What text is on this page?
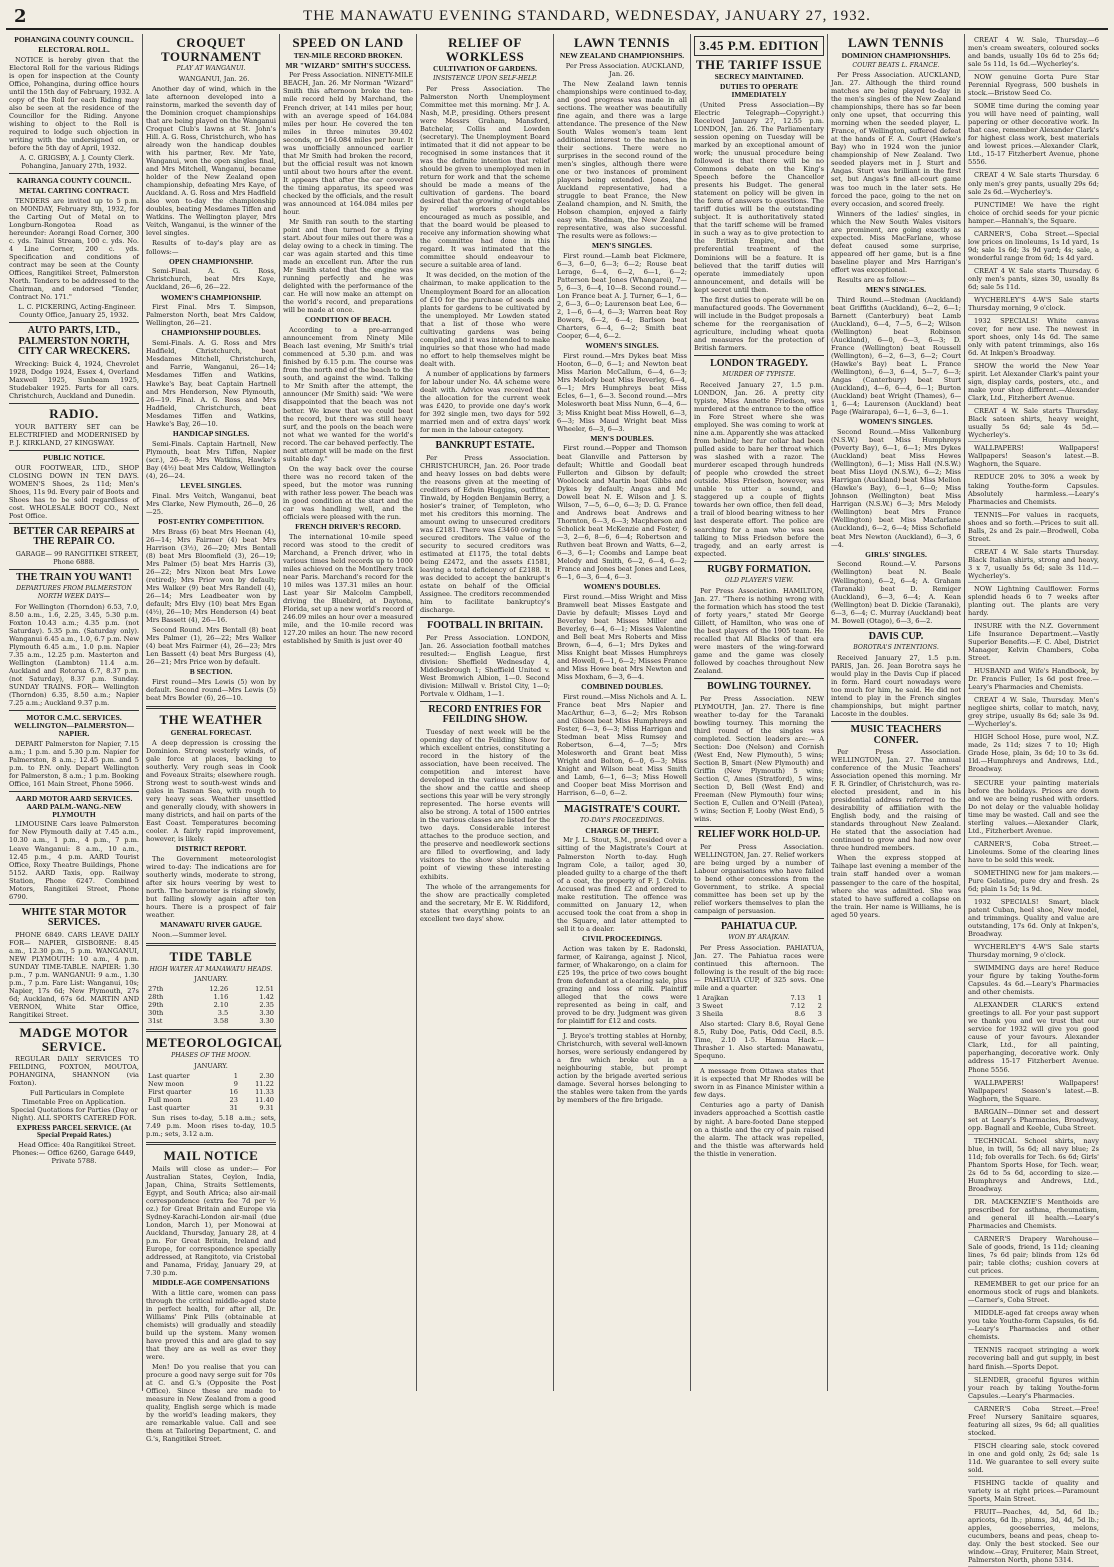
2	THE MANAWATU EVENING STANDARD, WEDNESDAY, JANUARY 27, 1932.
POHANGINA COUNTY COUNCIL.
ELECTORAL ROLL.

NOTICE is hereby given that the Electoral Roll for the various Ridings is open for inspection at the County Office, Pohangina, during office hours until the 15th day of February, 1932. A copy of the Roll for each Riding may also be seen at the residence of the Councillor for the Riding. Anyone wishing to object to the Roll is required to lodge such objection in writing with the undersigned on, or before the 5th day of April, 1932.

A. C. GRIGSBY, A. J. County Clerk. Pohangina, January 27th, 1932.

KAIRANGA COUNTY COUNCIL.
METAL CARTING CONTRACT.

TENDERS are invited up to 5 p.m. on MONDAY, February 8th, 1932, for the Carting Out of Metal on to Longburn-Rongotea Road as hereunder: Aorangi Road Corner, 300 c. yds. Tainui Stream, 100 c. yds. No. 4 Line Corner, 200 c. yds. Specification and conditions of contract may be seen at the County Offices, Rangitikei Street, Palmerston North. Tenders to be addressed to the Chairman, and endorsed "Tender, Contract No. 171."

L. C. PICKERING, Acting-Engineer. County Office, January 25, 1932.

AUTO PARTS, LTD., PALMERSTON NORTH, CITY CAR WRECKERS.

Wrecking: Buick 4, 1924, Chevrolet 1928, Dodge 1924, Essex 4, Overland Maxwell 1925, Sunbeam 1925, Studebaker 1925. Parts for all cars. Christchurch, Auckland and Dunedin.

RADIO.

YOUR BATTERY SET can be ELECTRIFIED and MODERNISED by P. J. KIRKLAND, 27 KINGSWAY.

PUBLIC NOTICE.

OUR FOOTWEAR, LTD., SHOP CLOSING DOWN IN TEN DAYS. WOMEN'S Shoes, 2s 11d; Men's Shoes, 11s 9d. Every pair of Boots and Shoes has to be sold regardless of cost. WHOLESALE BOOT CO., Next Post Office.

BETTER CAR REPAIRS at THE REPAIR CO.

GARAGE— 99 RANGITIKEI STREET, Phone 6888.

THE TRAIN YOU WANT!
DEPARTURES FROM PALMERSTON NORTH WEEK DAYS—

For Wellington (Thorndon) 6.53, 7.0, 8.50 a.m., 1.6, 2.25, 3.45, 5.30 p.m. Foxton 10.43 a.m.; 4.35 p.m. (not Saturday). 5.35 p.m. (Saturday only). Wanganui 6.45 a.m., 1.0, 6.7 p.m. New Plymouth 6.45 a.m., 1.0 p.m. Napier 7.35 a.m., 12.25 p.m. Masterton and Wellington (Lambton) 11.4 a.m. Auckland and Rotorua 6.7, 8.37 p.m. (not Saturday), 8.37 p.m. Sunday. SUNDAY TRAINS. FOR— Wellington (Thorndon) 6.35, 8.50 a.m.; Napier 7.25 a.m.; Auckland 9.37 p.m.

MOTOR C.M.C. SERVICES. WELLINGTON—PALMERSTON—NAPIER.

DEPART Palmerston for Napier, 7.15 a.m.; 1 p.m. and 5.30 p.m. Napier for Palmerston, 8 a.m.; 12.45 p.m. and 5 p.m. to P.N. only. Depart Wellington for Palmerston, 8 a.m.; 1 p.m. Booking Office, 161 Main Street, Phone 5966.

AARD MOTOR AARD SERVICES. AARD PALM.-WANG.-NEW PLYMOUTH

LIMOUSINE Cars leave Palmerston for New Plymouth daily at 7.45 a.m., 10.30 a.m., 1 p.m., 4 p.m., 7 p.m. Leave Wanganui: 8 a.m., 10 a.m., 12.45 p.m., 4 p.m. AARD Tourist Office, Roxy Theatre Buildings, Phone 5152. AARD Taxis, opp. Railway Station, Phone 6247. Combined Motors, Rangitikei Street, Phone 6790.

WHITE STAR MOTOR SERVICES.

PHONE 6849. CARS LEAVE DAILY FOR— NAPIER, GISBORNE: 8.45 a.m., 12.30 p.m., 5 p.m. WANGANUI, NEW PLYMOUTH: 10 a.m., 4 p.m. SUNDAY TIME-TABLE. NAPIER: 1.30 p.m., 7 p.m. WANGANUI: 9 a.m., 1.30 p.m., 7 p.m. Fare List: Wanganui, 10s; Napier, 17s 6d; New Plymouth, 27s 6d; Auckland, 67s 6d. MARTIN AND VERNON, White Star Office, Rangitikei Street.

MADGE MOTOR SERVICE.

REGULAR DAILY SERVICES TO FEILDING, FOXTON, MOUTOA, POHANGINA, SHANNON (via Foxton).

Full Particulars in Complete Timetable Free on Application. Special Quotations for Parties (Day or Night). ALL SPORTS CATERED FOR.

EXPRESS PARCEL SERVICE. (At Special Prepaid Rates.)

Head Office: 40a Rangitikei Street. Phones:— Office 6260, Garage 6449, Private 5788.

CROQUET TOURNAMENT
PLAY AT WANGANUI.

WANGANUI, Jan. 26.

Another day of wind, which in the late afternoon developed into a rainstorm, marked the seventh day of the Dominion croquet championships that are being played on the Wanganui Croquet Club's lawns at St. John's Hill. A. G. Ross, Christchurch, who has already won the handicap doubles with his partner, Rev. Mr Yate, Wanganui, won the open singles final, and Mrs Mitchell, Wanganui, became holder of the New Zealand open championship, defeating Mrs Kaye, of Auckland. A. G. Ross and Mrs Hadfield also won to-day the championship doubles, beating Mesdames Tiffen and Watkins. The Wellington player, Mrs Veitch, Wanganui, is the winner of the level singles.

Results of to-day's play are as follows:—

OPEN CHAMPIONSHIP.

Semi-Final. A. G. Ross, Christchurch, beat Mrs Kaye, Auckland, 26—6, 26—22.

WOMEN'S CHAMPIONSHIP.

First Final. Mrs T. Simpson, Palmerston North, beat Mrs Caldow, Wellington, 26—21.

CHAMPIONSHIP DOUBLES.

Semi-Finals. A. G. Ross and Mrs Hadfield, Christchurch, beat Mesdames Mitchell, Christchurch, and Farrie, Wanganui, 26—14; Mesdames Tiffen and Watkins, Hawke's Bay, beat Captain Hartnell and Mrs Henderson, New Plymouth, 26—19. Final. A. G. Ross and Mrs Hadfield, Christchurch, beat Mesdames Tiffen and Watkins, Hawke's Bay, 26—10.

HANDICAP SINGLES.

Semi-Finals. Captain Hartnell, New Plymouth, beat Mrs Tiffen, Napier (scr.), 26—8; Mrs Watkins, Hawke's Bay (4½) beat Mrs Caldow, Wellington (4), 26—24.

LEVEL SINGLES.

Final. Mrs Veitch, Wanganui, beat Mrs Clarke, New Plymouth, 26—0, 26—25.

POST-ENTRY COMPETITION.

Mrs Brass (6) beat Mrs Heenan (4), 26—14; Mrs Fairmer (4) beat Mrs Harrison (3½), 26—20; Mrs Bentall (8) beat Mrs Bloomfield (3), 26—19; Mrs Palmer (5) beat Mrs Harris (3), 26—22; Mrs Nixon beat Mrs Lowe (retired); Mrs Prior won by default; Mrs Walker (9) beat Mrs Randell (4), 26—14; Mrs Leadbeater won by default; Mrs Elvy (10) beat Mrs Egan (4½), 26—10; Mrs Henderson (4) beat Mrs Bassett (4), 26—16.

Second Round. Mrs Bentall (8) beat Mrs Palmer (1), 26—22; Mrs Walker (4) beat Mrs Fairmer (4), 26—23; Mrs Len Bassett (4) beat Mrs Burgess (4), 26—21; Mrs Price won by default.

B SECTION.

First round—Mrs Lewis (5) won by default. Second round—Mrs Lewis (5) beat Mrs Bowler (6), 26—10.

THE WEATHER
GENERAL FORECAST.

A deep depression is crossing the Dominion. Strong westerly winds, of gale force at places, backing to southerly. Very rough seas in Cook and Foveaux Straits; elsewhere rough. Strong west to south-west winds and gales in Tasman Sea, with rough to very heavy seas. Weather unsettled and generally cloudy, with showers in many districts, and hail on parts of the East Coast. Temperatures becoming cooler. A fairly rapid improvement, however, is likely.

DISTRICT REPORT.

The Government meteorologist wired to-day: The indications are for southerly winds, moderate to strong, after six hours veering by west to north. The barometer is rising slowly, but falling slowly again after ten hours. There is a prospect of fair weather.

MANAWATU RIVER GAUGE.

Noon.—Summer level.

TIDE TABLE
HIGH WATER AT MANAWATU HEADS.
JANUARY.
27th	12.26	12.51
28th	1.16	1.42
29th	2.10	2.35
30th	3.5	3.30
31st	3.58	3.30
METEOROLOGICAL
PHASES OF THE MOON.
JANUARY.
Last quarter	1	2.30
New moon	9	11.22
First quarter	16	11.33
Full moon	23	11.40
Last quarter	31	9.31

Sun rises to-day, 5.18 a.m.; sets, 7.49 p.m. Moon rises to-day, 10.5 p.m.; sets, 3.12 a.m.

MAIL NOTICE

Mails will close as under:— For Australian States, Ceylon, India, Japan, China, Straits Settlements, Egypt, and South Africa; also air-mail correspondence (extra fee 7d per ½ oz.) for Great Britain and Europe via Sydney-Karachi-London air-mail (due London, March 1), per Monowai at Auckland, Thursday, January 28, at 4 p.m. For Great Britain, Ireland and Europe, for correspondence specially addressed, at Rangitoto, via Cristobal and Panama, Friday, January 29, at 7.30 p.m.

MIDDLE-AGE COMPENSATIONS

With a little care, women can pass through the critical middle-aged state in perfect health, for after all, Dr. Williams' Pink Pills (obtainable at chemists) will gradually and steadily build up the system. Many women have proved this and are glad to say that they are as well as ever they were.

Men! Do you realise that you can procure a good navy serge suit for 70s at C. and G.'s (Opposite the Post Office). Since these are made to measure in New Zealand from a good quality, English serge which is made by the world's leading makers, they are remarkable value. Call and see them at Tailoring Department, C. and G.'s, Rangitikei Street.

SPEED ON LAND
TEN-MILE RECORD BROKEN.
MR "WIZARD" SMITH'S SUCCESS.

Per Press Association. NINETY-MILE BEACH, Jan. 26. Mr Norman "Wizard" Smith this afternoon broke the ten-mile record held by Marchand, the French driver, at 141 miles per hour, with an average speed of 164.084 miles per hour. He covered the ten miles in three minutes 39.402 seconds, or 164.084 miles per hour. It was unofficially announced earlier that Mr Smith had broken the record, but the official result was not known until about two hours after the event. It appears that after the car covered the timing apparatus, its speed was checked by the officials, and the result was announced at 164.084 miles per hour.

Mr Smith ran south to the starting point and then turned for a flying start. About four miles out there was a delay owing to a check in timing. The car was again started and this time made an excellent run. After the run Mr Smith stated that the engine was running perfectly and he was delighted with the performance of the car. He will now make an attempt on the world's record, and preparations will be made at once.

CONDITION OF BEACH.

According to a pre-arranged announcement from Ninety Mile Beach last evening, Mr Smith's trial commenced at 5.30 p.m. and was finished by 6.15 p.m. The course was from the north end of the beach to the south, and against the wind. Talking to Mr Smith after the attempt, the announcer (Mr Smith) said: "We were disappointed that the beach was not better. We knew that we could beat the record, but there was still heavy surf, and the pools on the beach were not what we wanted for the world's record. The car behaved perfectly. The next attempt will be made on the first suitable day."

On the way back over the course there was no record taken of the speed, but the motor was running with rather less power. The beach was in good condition at the start and the car was handling well, and the officials were pleased with the run.

FRENCH DRIVER'S RECORD.

The international 10-mile speed record was stood to the credit of Marchand, a French driver, who in various times held records up to 1000 miles achieved on the Montlhery track near Paris. Marchand's record for the 10 miles was 137.31 miles an hour. Last year Sir Malcolm Campbell, driving the Bluebird, at Daytona, Florida, set up a new world's record of 246.09 miles an hour over a measured mile, and the 10-mile record was 127.20 miles an hour. The new record established by Smith is just over 40

RELIEF OF WORKLESS
CULTIVATION OF GARDENS.
INSISTENCE UPON SELF-HELP.

Per Press Association. The Palmerston North Unemployment Committee met this morning. Mr J. A. Nash, M.P., presiding. Others present were Messrs Graham, Mansford, Batchelar, Collis and Lowden (secretary). The Unemployment Board intimated that it did not appear to be recognised in some instances that it was the definite intention that relief should be given to unemployed men in return for work and that the scheme should be made a means of the cultivation of gardens. The board desired that the growing of vegetables by relief workers should be encouraged as much as possible, and that the board would be pleased to receive any information showing what the committee had done in this regard. It was intimated that the committee should endeavour to secure a suitable area of land.

It was decided, on the motion of the chairman, to make application to the Unemployment Board for an allocation of £10 for the purchase of seeds and plants for gardens to be cultivated by the unemployed. Mr Lowden stated that a list of those who were cultivating gardens was being compiled, and it was intended to make inquiries so that those who had made no effort to help themselves might be dealt with.

A number of applications by farmers for labour under No. 4A scheme were dealt with. Advice was received that the allocation for the current week was £420, to provide one day's work for 392 single men, two days for 592 married men and of extra days' work for men in the labour category.

BANKRUPT ESTATE.

Per Press Association. CHRISTCHURCH, Jan. 26. Poor trade and heavy losses on bad debts were the reasons given at the meeting of creditors of Edwin Huggins, outfitter, Tinwald, by Hogden Benjamin Berry, a hosier's trainer, of Templeton, who met his creditors this morning. The amount owing to unsecured creditors was £2181. There was £3460 owing to secured creditors. The value of the security to secured creditors was estimated at £1175, the total debts being £2472, and the assets £1581, leaving a total deficiency of £2188. It was decided to accept the bankrupt's estate on behalf of the Official Assignee. The creditors recommended him to facilitate bankruptcy's discharge.

FOOTBALL IN BRITAIN.

Per Press Association. LONDON, Jan. 26. Association football matches resulted:— English League, first division: Sheffield Wednesday 4, Middlesbrough 1; Sheffield United v. West Bromwich Albion, 1—0. Second division: Millwall v. Bristol City, 1—0; Portvale v. Oldham, 1—1.

RECORD ENTRIES FOR FEILDING SHOW.

Tuesday of next week will be the opening day of the Feilding Show for which excellent entries, constituting a record in the history of the association, have been received. The competition and interest have developed in the various sections of the show and the cattle and sheep sections this year will be very strongly represented. The horse events will also be strong. A total of 1500 entries in the various classes are listed for the two days. Considerable interest attaches to the produce section, and the preserve and needlework sections are filled to overflowing, and lady visitors to the show should make a point of viewing these interesting exhibits.

The whole of the arrangements for the show are practically completed and the secretary, Mr E. W. Riddiford, states that everything points to an excellent two days' show.

LAWN TENNIS
NEW ZEALAND CHAMPIONSHIPS.

Per Press Association. AUCKLAND, Jan. 26.

The New Zealand lawn tennis championships were continued to-day, and good progress was made in all sections. The weather was beautifully fine again, and there was a large attendance. The presence of the New South Wales women's team lent additional interest to the matches in their sections. There were no surprises in the second round of the men's singles, although there were one or two instances of prominent players being extended. Jones, the Auckland representative, had a struggle to beat France, the New Zealand champion, and N. Smith, the Hobson champion, enjoyed a fairly easy win. Stedman, the New Zealand representative, was also successful. The results were as follows:—

MEN'S SINGLES.

First round.—Lamb beat Fickmere, 6—3, 6—0, 6—3; 6—2; Rouse beat Lerage, 6—4, 6—2, 6—1, 6—2; Patterson beat Jones (Whangarei), 7—5, 6—3, 6—4, 10—8. Second round.—Lon France beat A. J. Turner, 6—1, 6—2, 6—3, 6—0; Laurenson beat Lee, 6—2, 1—6, 6—4, 6—3; Warren beat Roy Bowers, 6—2, 6—4; Barlson beat Charters, 6—4, 6—2; Smith beat Cooper, 6—4, 6—2.

WOMEN'S SINGLES.

First round.—Mrs Dykes beat Miss Hooton, 6—0, 6—1; and Newton beat Miss Marion McCallum, 6—4, 6—3; Mrs Melody beat Miss Beverley, 6—4, 6—1; Mrs Humphreys beat Miss Ecles, 6—1, 6—3. Second round.—Mrs Molesworth beat Miss Nunn, 6—4, 6—3; Miss Knight beat Miss Howell, 6—3, 6—3; Miss Maud Wright beat Miss Wheeler, 6—3, 6—3.

MEN'S DOUBLES.

First round.—Popper and Thomson beat Glanville and Patterson by default; Whittle and Goodall beat Fullerton and Gibson by default; Woolcock and Martin beat Gibbs and Dykes by default; Angas and Mc Dowell beat N. E. Wilson and J. S. Wilson, 7—5, 6—0, 6—3; D. G. France and Andrews beat Andrews and Thornton, 6—3, 6—3; Macpherson and Scholick beat McKenzie and Foster, 6—3, 2—6, 8—6, 6—4; Robertson and Ruthven beat Brown and Watts, 6—2, 6—3, 6—1; Coombs and Lampe beat Melody and Smith, 6—2, 6—4, 6—2; France and Jones beat Jones and Lees, 6—1, 6—3, 6—4, 6—3.

WOMEN'S DOUBLES.

First round.—Miss Wright and Miss Bramwell beat Misses Eastgate and Davie by default; Misses Loyd and Beverley beat Misses Miller and Beverley, 6—4, 6—1; Misses Valentine and Bell beat Mrs Roberts and Miss Brown, 6—4, 6—1; Mrs Dykes and Miss Knight beat Misses Humphreys and Howell, 6—1, 6—2; Misses France and Miss Howe beat Mrs Newton and Miss Moxham, 6—3, 6—4.

COMBINED DOUBLES.

First round.—Miss Nichols and A. L. France beat Mrs Napier and MacArthur, 6—3, 6—2; Mrs Robson and Gibson beat Miss Humphreys and Foster, 6—3, 6—3; Miss Harrigan and Stedman beat Miss Rumsey and Robertson, 6—4, 7—5; Mrs Molesworth and Grant beat Miss Wright and Bolton, 6—0, 6—3; Miss Knight and Wilson beat Miss Smith and Lamb, 6—1, 6—3; Miss Howell and Cooper beat Miss Morrison and Harrison, 6—0, 6—2.

MAGISTRATE'S COURT.
TO-DAY'S PROCEEDINGS.
CHARGE OF THEFT.

Mr J. L. Stout, S.M., presided over a sitting of the Magistrate's Court at Palmerston North to-day. Hugh Ingram Cole, a tailor, aged 30, pleaded guilty to a charge of the theft of a coat, the property of F. J. Colvin. Accused was fined £2 and ordered to make restitution. The offence was committed on January 12, when accused took the coat from a shop in the Square, and later attempted to sell it to a dealer.

CIVIL PROCEEDINGS.

Action was taken by E. Radonski, farmer, of Kairanga, against J. Nicol, farmer, of Whakarongo, on a claim for £25 19s, the price of two cows bought from defendant at a clearing sale, plus grazing and loss of milk. Plaintiff alleged that the cows were represented as being in calf, and proved to be dry. Judgment was given for plaintiff for £12 and costs.

J. Bryce's trotting stables at Hornby, Christchurch, with several well-known horses, were seriously endangered by a fire which broke out in a neighbouring stable, but prompt action by the brigade averted serious damage. Several horses belonging to the stables were taken from the yards by members of the fire brigade.

3.45 P.M. EDITION
THE TARIFF ISSUE
SECRECY MAINTAINED.
DUTIES TO OPERATE IMMEDIATELY

(United Press Association—By Electric Telegraph—Copyright.) Received January 27, 12.55 p.m. LONDON, Jan. 26. The Parliamentary session opening on Tuesday will be marked by an exceptional amount of work; the unusual procedure being followed is that there will be no Commons debate on the King's Speech before the Chancellor presents his Budget. The general statement on policy will be given in the form of answers to questions. The tariff duties will be the outstanding subject. It is authoritatively stated that the tariff scheme will be framed in such a way as to give protection to the British Empire, and that preferential treatment of the Dominions will be a feature. It is believed that the tariff duties will operate immediately upon announcement, and details will be kept secret until then.

The first duties to operate will be on manufactured goods. The Government will include in the Budget proposals a scheme for the reorganisation of agriculture, including wheat quota and measures for the protection of British farmers.

LONDON TRAGEDY.
MURDER OF TYPISTE.

Received January 27, 1.5 p.m. LONDON, Jan. 26. A pretty city typiste, Miss Annette Friedson, was murdered at the entrance to the office in Fore Street where she was employed. She was coming to work at nine a.m. Apparently she was attacked from behind; her fur collar had been pulled aside to bare her throat which was slashed with a razor. The murderer escaped through hundreds of people who crowded the street outside. Miss Friedson, however, was unable to utter a sound, and staggered up a couple of flights towards her own office, then fell dead, a trail of blood bearing witness to her last desperate effort. The police are searching for a man who was seen talking to Miss Friedson before the tragedy, and an early arrest is expected.

RUGBY FORMATION.
OLD PLAYER'S VIEW.

Per Press Association. HAMILTON, Jan. 27. "There is nothing wrong with the formation which has stood the test of forty years," stated Mr George Gillett, of Hamilton, who was one of the best players of the 1905 team. He recalled that All Blacks of that era were masters of the wing-forward game and the game was closely followed by coaches throughout New Zealand.

BOWLING TOURNEY.

Per Press Association. NEW PLYMOUTH, Jan. 27. There is fine weather to-day for the Taranaki bowling tourney. This morning the third round of the singles was completed. Section leaders are:— A Section: Doe (Nelson) and Cornish (West End, New Plymouth), 5 wins; Section B, Smart (New Plymouth) and Griffin (New Plymouth) 5 wins; Section C, Ames (Stratford), 5 wins; Section D, Bell (West End) and Freeman (New Plymouth) four wins; Section E, Cullen and O'Neill (Patea), 5 wins; Section F, Looby (West End), 5 wins.

RELIEF WORK HOLD-UP.

Per Press Association. WELLINGTON, Jan. 27. Relief workers are being urged by a number of Labour organisations who have failed to bend other concessions from the Government, to strike. A special committee has been set up by the relief workers themselves to plan the campaign of persuasion.

PAHIATUA CUP.
WON BY ARAJKAN.

Per Press Association. PAHIATUA, Jan. 27. The Pahiatua races were continued this afternoon. The following is the result of the big race:— PAHIATUA CUP, of 325 sovs. One mile and a quarter.

1 Arajkan	7.13	1
3 Sweet	7.12	2
3 Sheila	8.6	3

Also started: Clary 8.6, Royal Gene 8.5, Ruby Doe, Patis, Odd Cecil, 8.5. Time, 2.10 1-5. Hamua Hack.—Thrasher 1. Also started: Manawatu, Spequno.

A message from Ottawa states that it is expected that Mr Rhodes will be sworn in as Finance Minister within a few days.

Centuries ago a party of Danish invaders approached a Scottish castle by night. A bare-footed Dane stepped on a thistle and the cry of pain raised the alarm. The attack was repelled, and the thistle was afterwards held the thistle in veneration.

LAWN TENNIS
DOMINION CHAMPIONSHIPS.
COURT BEATS L. FRANCE.

Per Press Association. AUCKLAND, Jan. 27. Although the third round matches are being played to-day in the men's singles of the New Zealand championships, there has so far been only one upset, that occurring this morning when the seeded player, L. France, of Wellington, suffered defeat at the hands of F. A. Court (Hawke's Bay) who in 1924 won the junior championship of New Zealand. Two seeded players met in J. Sturt and Angas. Sturt was brilliant in the first set, but Angas's fine all-court game was too much in the later sets. He forced the pace, going to the net on every occasion, and scored freely.

Winners of the ladies' singles, in which the New South Wales visitors are prominent, are going exactly as expected. Miss MacFarlane, whose defeat caused some surprise, appeared off her game, but is a fine baseline player and Mrs Harrigan's effort was exceptional.

Results are as follow:—

MEN'S SINGLES.

Third Round.—Stedman (Auckland) beat Griffiths (Auckland), 6—2, 6—1; Barnett (Canterbury) beat Lamb (Auckland), 6—4, 7—5, 6—2; Wilson (Wellington) beat Robinson (Auckland), 6—0, 6—3, 6—3; D. France (Wellington) beat Roussell (Wellington), 6—2, 6—3, 6—2; Court (Hawke's Bay) beat L. France (Wellington), 6—3, 6—4, 5—7, 6—3; Angas (Canterbury) beat Sturt (Auckland), 4—6, 6—4, 6—1; Burton (Auckland) beat Wright (Thames), 6—1, 6—4; Laurenson (Auckland) beat Page (Wairarapa), 6—1, 6—3, 6—1.

WOMEN'S SINGLES.

Second Round.—Miss Valkenburg (N.S.W.) beat Miss Humphreys (Poverty Bay), 6—1, 6—1; Mrs Dykes (Auckland) beat Miss Hewes (Wellington), 6—1; Miss Hall (N.S.W.) beat Miss Lloyd (N.S.W.), 6—2; Miss Harrigan (Auckland) beat Miss Mellon (Hawke's Bay), 6—1, 6—0; Miss Johnson (Wellington) beat Miss Harrigan (N.S.W.) 6—3; Mrs Melody (Wellington) beat Mrs France (Wellington) beat Miss Macfarlane (Auckland), 6—2, 6—4; Miss Schofield beat Mrs Newton (Auckland), 6—3, 6—4.

GIRLS' SINGLES.

Second Round.—V. Parsons (Wellington) beat N. Beale (Wellington), 6—2, 6—4; A. Graham (Taranaki) beat D. Remiger (Auckland), 6—3, 6—4; A. Kean (Wellington) beat D. Dickie (Taranaki), 6—3, 6—4; C. Murray (Auckland) beat M. Bowell (Otago), 6—3, 6—2.

DAVIS CUP.
BOROTRA'S INTENTIONS.

Received January 27, 1.5 p.m. PARIS, Jan. 26. Jean Borotra says he would play in the Davis Cup if placed in form. Hard court nowadays were too much for him, he said. He did not intend to play in the French singles championships, but might partner Lacoste in the doubles.

MUSIC TEACHERS CONFER.

Per Press Association. WELLINGTON, Jan. 27. The annual conference of the Music Teachers' Association opened this morning. Mr F. R. Grindler, of Christchurch, was re-elected president, and in his presidential address referred to the desirability of affiliation with the English body, and the raising of standards throughout New Zealand. He stated that the association had continued to grow and had now over three hundred members.

When the express stopped at Taihape last evening a member of the train staff handed over a woman passenger to the care of the hospital, where she was admitted. She was stated to have suffered a collapse on the train. Her name is Williams, he is aged 50 years.

CREAT 4 W. Sale, Thursday.—6 men's cream sweaters, coloured socks and bands, usually 10s 6d to 25s 6d; sale 5s 11d, 1s 6d.—Wycherley's.

NOW genuine Gorta Pure Star Perennial Ryegrass, 500 bushels in stock.—Bristow Seed Co.

SOME time during the coming year you will have need of painting, wall papering or other decorative work. In that case, remember Alexander Clark's for highest class work, best materials and lowest prices.—Alexander Clark, Ltd., 15-17 Fitzherbert Avenue, phone 5556.

CREAT 4 W. Sale starts Thursday. 6 only men's grey pants, usually 29s 6d; sale 2s 6d.—Wycherley's.

PUNCTIME! We have the right choice of orchid seeds for your picnic hamper.—Hannah's, the Square.

CARNER'S, Coba Street.—Special low prices on linoleums, 1s 1d yard, 1s 9d; sale 1s 6d; 3s 9d yard; 4s; sale, a wonderful range from 6d; 1s 4d yard.

CREAT 4 W. Sale starts Thursday. 6 only men's pants, sizes 30, usually 8s 6d; sale 5s 11d.

WYCHERLEY'S 4-W'S Sale starts Thursday morning, 9 o'clock.

1932 SPECIALS! White canvas cover, for new use. The newest in sport shoes, only 14s 6d. The same only with patent trimmings, also 16s 6d. At Inkpen's Broadway.

SHOW the world the New Year spirit. Let Alexander Clark's paint your sign, display cards, posters, etc., and make your shop different.—Alexander Clark, Ltd., Fitzherbert Avenue.

CREAT 4 W. Sale starts Thursday. Black sateen shirts, heavy weight, usually 5s 6d; sale 4s 5d.—Wycherley's.

WALLPAPERS! Wallpapers! Wallpapers! Season's latest.—B. Waghorn, the Square.

REDUCE 20% to 30% a week by taking Youthe-form Capsules. Absolutely harmless.—Leary's Pharmacies and Chemists.

TENNIS—For values in racquets, shoes and so forth.—Prices to suit all. Balls, 2s and 2s pair.—Brodwell, Coba Street.

CREAT 4 W. Sale starts Thursday. Black Italian shirts, strong and heavy, 3 x 7, usually 5s 6d; sale 3s 11d.—Wycherley's.

NOW Lightning Caulflower. Forms splendid heads 6 to 7 weeks after planting out. The plants are very hardy.

INSURE with the N.Z. Government Life Insurance Department.—Vastly Superior Benefits.—F. C. Abel, District Manager, Kelvin Chambers, Coba Street.

HUSBAND and Wife's Handbook, by Dr. Francis Fuller, 1s 6d post free.—Leary's Pharmacies and Chemists.

CREAT 4 W. Sale, Thursday. Men's negligee shirts, collar to match, navy, grey stripe, usually 8s 6d; sale 3s 9d.—Wycherley's.

HIGH School Hose, pure wool, N.Z. made, 2s 11d; sizes 7 to 10; High Grade Hose, plain, 3s 6d; 10 to 3s 6d. 1ld.—Humphreys and Andrews, Ltd., Broadway.

SECURE your painting materials before the holidays. Prices are down and we are being rushed with orders. Do not delay or the valuable holiday time may be wasted. Call and see the sterling values.—Alexander Clark, Ltd., Fitzherbert Avenue.

CARNER'S, Coba Street.—Linoleums. Some of the clearing lines have to be sold this week.

SOMETHING new for jam makers.—Pure Gelatine, pure dry and fresh. 2s 6d; plain 1s 5d; 1s 9d.

1932 SPECIALS! Smart, black patent Cuban, heel shoe, New model, and trimmings. Quality and value are outstanding, 17s 6d. Only at Inkpen's, Broadway.

WYCHERLEY'S 4-W'S Sale starts Thursday morning, 9 o'clock.

SWIMMING days are here! Reduce your figure by taking Youthe-form Capsules. 4s 6d.—Leary's Pharmacies and other chemists.

ALEXANDER CLARK'S extend greetings to all. For your past support we thank you and we trust that our service for 1932 will give you good cause of your favours. Alexander Clark, Ltd., for all painting, paperhanging, decorative work. Only address 15-17 Fitzherbert Avenue. Phone 5556.

WALLPAPERS! Wallpapers! Wallpapers! Season's latest.—B. Waghorn, the Square.

BARGAIN—Dinner set and dessert set at Leary's Pharmacies, Broadway, opp. Bagnall and Keeble, Cuba Street.

TECHNICAL School shirts, navy blue, in twill, 5s 6d; all navy blue; 2s 11d; fob overalls for Tech. 6s 6d; Girls' Phantom Sports Hose, for Tech. wear, 2s 6d to 5s 6d, according to size.—Humphreys and Andrews, Ltd., Broadway.

DR. MACKENZIE'S Menthoids are prescribed for asthma, rheumatism, and general ill health.—Leary's Pharmacies and Chemists.

CARNER'S Drapery Warehouse—Sale of goods, friend, 1s 11d; cleaning lines, 7s 6d pair; blinds from 12s 6d pair; table cloths; cushion covers at cut prices.

REMEMBER to get our price for an enormous stock of rugs and blankets.—Carner's, Coba Street.

MIDDLE-aged fat creeps away when you take Youthe-form Capsules, 6s 6d.—Leary's Pharmacies and other chemists.

TENNIS racquet stringing a work recovering ball and gut supply, in best hard finish.—Sports Depot.

SLENDER, graceful figures within your reach by taking Youthe-form Capsules.—Leary's Pharmacies.

CARNER'S Coba Street.—Free! Free! Nursery Sanitaire squares, featuring all sizes, 9s 6d; all qualities stocked.

FISCH clearing sale, stock covered in one and gold only, 2s 6d; sale 1s 11d. We guarantee to sell every suite sold.

FISHING tackle of quality and variety is at right prices.—Paramount Sports, Main Street.

FRUIT—Peaches, 4d, 5d, 6d lb.; apricots, 6d lb.; plums, 3d, 4d, 5d lb.; apples, gooseberries, melons, cucumbers, beans and peas, cheap to-day. Only the best stocked. See our window.—Gray, Fruiterer, Main Street, Palmerston North, phone 5314.
